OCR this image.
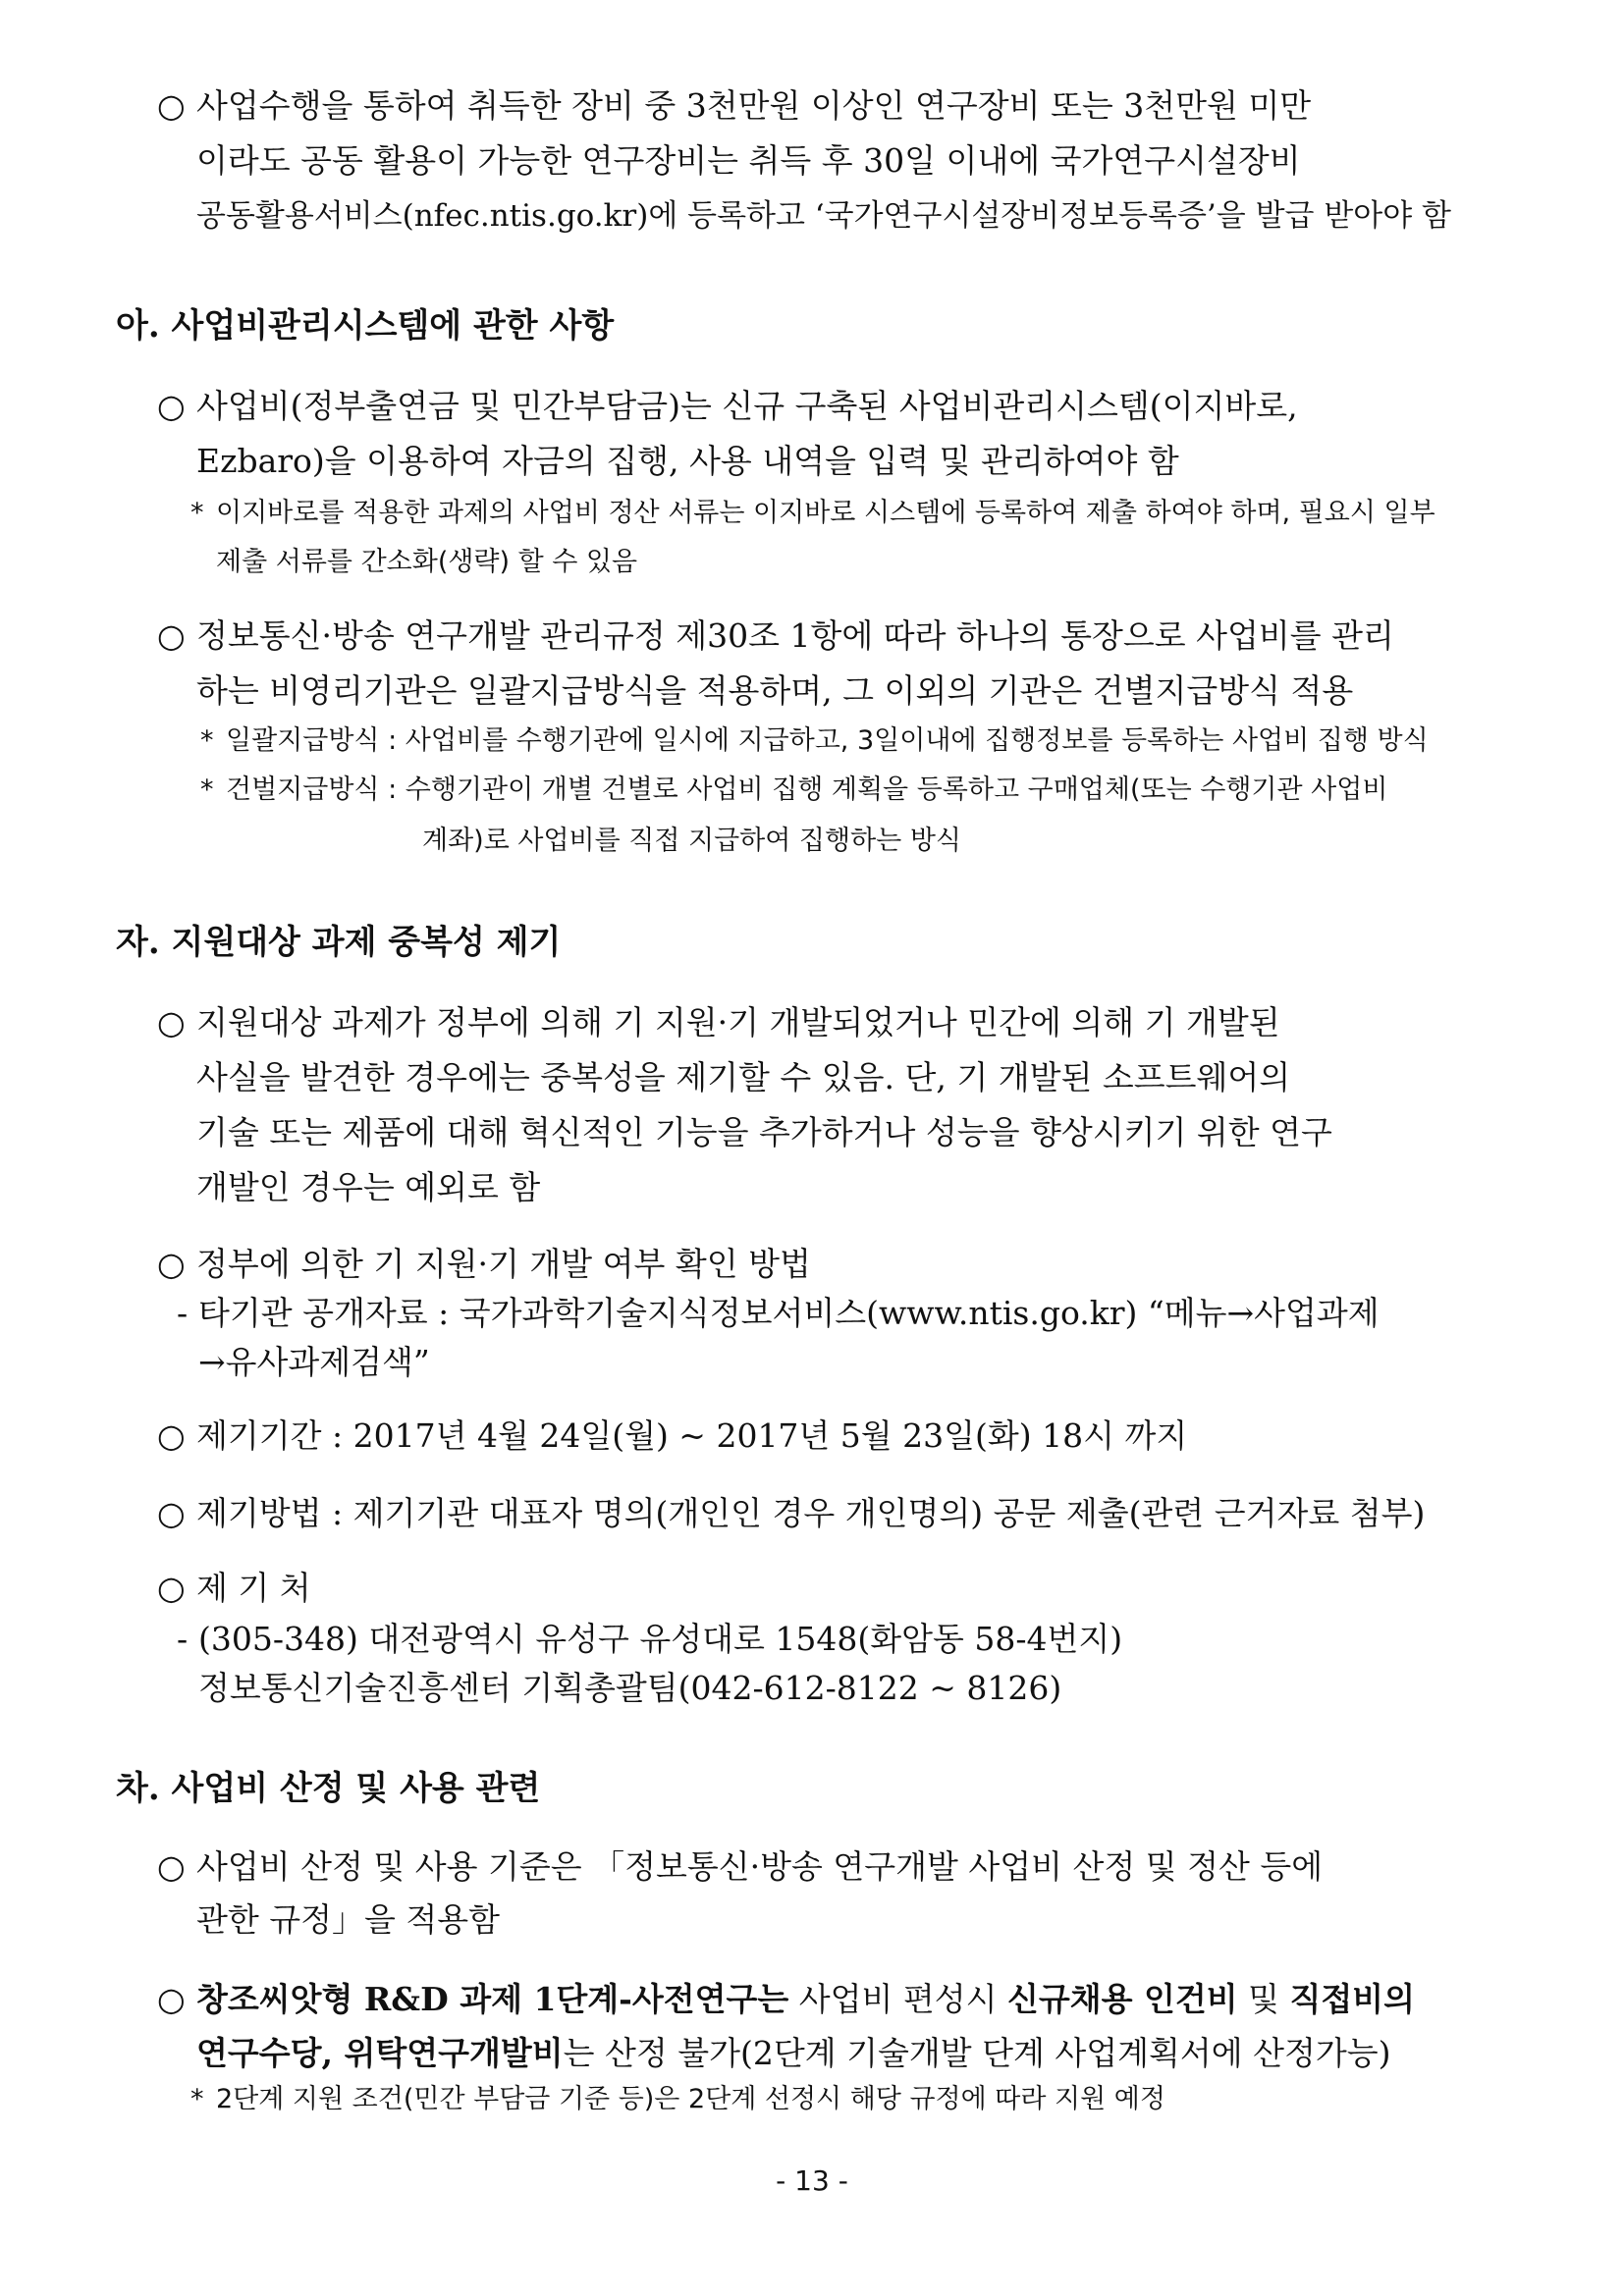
○ 사업수행을 통하여 취득한 장비 중 3천만원 이상인 연구장비 또는 3천만원 미만
이라도 공동 활용이 가능한 연구장비는 취득 후 30일 이내에 국가연구시설장비
공동활용서비스(nfec.ntis.go.kr)에 등록하고 ‘국가연구시설장비정보등록증’을 발급 받아야 함
아. 사업비관리시스템에 관한 사항
○ 사업비(정부출연금 및 민간부담금)는 신규 구축된 사업비관리시스템(이지바로,
Ezbaro)을 이용하여 자금의 집행, 사용 내역을 입력 및 관리하여야 함
* 이지바로를 적용한 과제의 사업비 정산 서류는 이지바로 시스템에 등록하여 제출 하여야 하며, 필요시 일부
제출 서류를 간소화(생략) 할 수 있음
○ 정보통신·방송 연구개발 관리규정 제30조 1항에 따라 하나의 통장으로 사업비를 관리
하는 비영리기관은 일괄지급방식을 적용하며, 그 이외의 기관은 건별지급방식 적용
* 일괄지급방식 : 사업비를 수행기관에 일시에 지급하고, 3일이내에 집행정보를 등록하는 사업비 집행 방식
* 건벌지급방식 : 수행기관이 개별 건별로 사업비 집행 계획을 등록하고 구매업체(또는 수행기관 사업비
계좌)로 사업비를 직접 지급하여 집행하는 방식
자. 지원대상 과제 중복성 제기
○ 지원대상 과제가 정부에 의해 기 지원·기 개발되었거나 민간에 의해 기 개발된
사실을 발견한 경우에는 중복성을 제기할 수 있음. 단, 기 개발된 소프트웨어의
기술 또는 제품에 대해 혁신적인 기능을 추가하거나 성능을 향상시키기 위한 연구
개발인 경우는 예외로 함
○ 정부에 의한 기 지원·기 개발 여부 확인 방법
- 타기관 공개자료 : 국가과학기술지식정보서비스(www.ntis.go.kr) “메뉴→사업과제
→유사과제검색”
○ 제기기간 : 2017년 4월 24일(월) ~ 2017년 5월 23일(화) 18시 까지
○ 제기방법 : 제기기관 대표자 명의(개인인 경우 개인명의) 공문 제출(관련 근거자료 첨부)
○ 제 기 처
- (305-348) 대전광역시 유성구 유성대로 1548(화암동 58-4번지)
정보통신기술진흥센터 기획총괄팀(042-612-8122 ~ 8126)
차. 사업비 산정 및 사용 관련
○ 사업비 산정 및 사용 기준은 「정보통신·방송 연구개발 사업비 산정 및 정산 등에
관한 규정」을 적용함
○ 창조씨앗형 R&D 과제 1단계-사전연구는 사업비 편성시 신규채용 인건비 및 직접비의
연구수당, 위탁연구개발비는 산정 불가(2단계 기술개발 단계 사업계획서에 산정가능)
* 2단계 지원 조건(민간 부담금 기준 등)은 2단계 선정시 해당 규정에 따라 지원 예정
- 13 -
